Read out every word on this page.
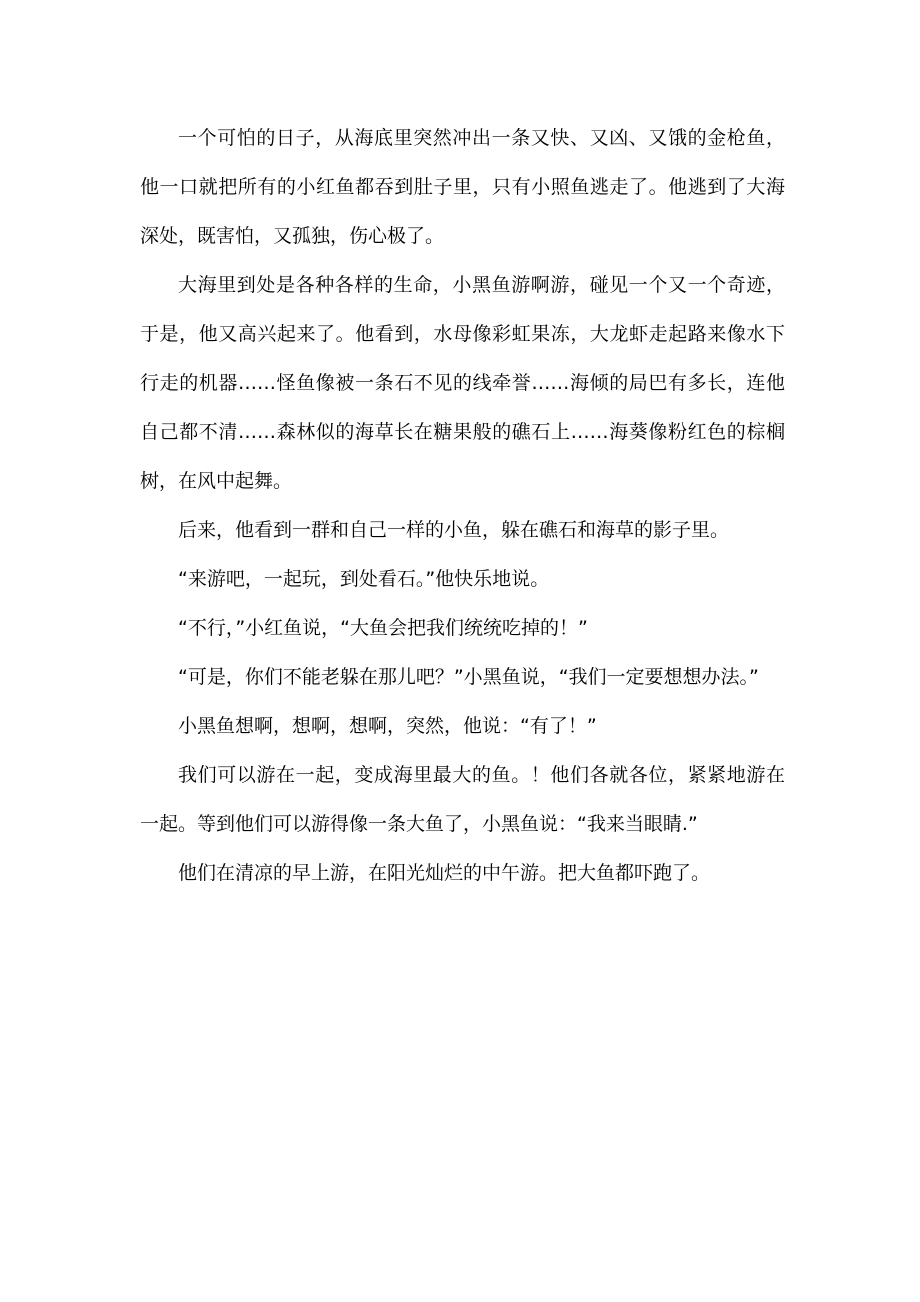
一个可怕的日子，从海底里突然冲出一条又快、又凶、又饿的金枪鱼，他一口就把所有的小红鱼都吞到肚子里，只有小照鱼逃走了。他逃到了大海深处，既害怕，又孤独，伤心极了。

大海里到处是各种各样的生命，小黑鱼游啊游，碰见一个又一个奇迹，于是，他又高兴起来了。他看到，水母像彩虹果冻，大龙虾走起路来像水下行走的机器……怪鱼像被一条石不见的线牵誉……海倾的局巴有多长，连他自己都不清……森林似的海草长在糖果般的礁石上……海葵像粉红色的棕榈树，在风中起舞。

后来，他看到一群和自己一样的小鱼，躲在礁石和海草的影子里。

“来游吧，一起玩，到处看石。”他快乐地说。

“不行，”小红鱼说，“大鱼会把我们统统吃掉的！”

“可是，你们不能老躲在那儿吧？”小黑鱼说，“我们一定要想想办法。”

小黑鱼想啊，想啊，想啊，突然，他说：“有了！”

我们可以游在一起，变成海里最大的鱼。！他们各就各位，紧紧地游在一起。等到他们可以游得像一条大鱼了，小黑鱼说：“我来当眼睛.”

他们在清凉的早上游，在阳光灿烂的中午游。把大鱼都吓跑了。
